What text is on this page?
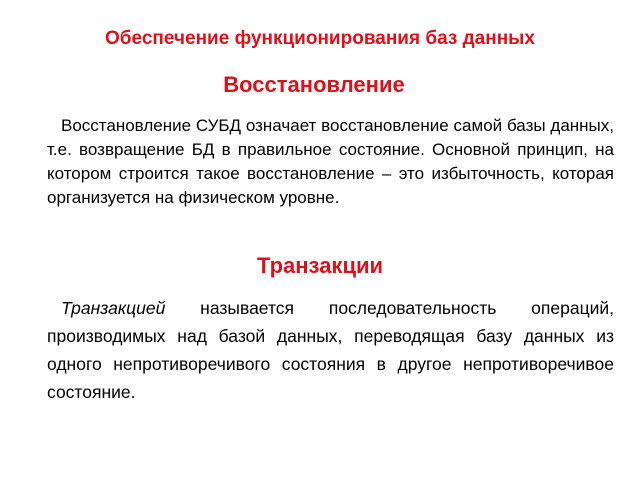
Обеспечение функционирования баз данных
Восстановление
Восстановление СУБД означает восстановление самой базы данных, т.е. возвращение БД в правильное состояние. Основной принцип, на котором строится такое восстановление – это избыточность, которая организуется на физическом уровне.
Транзакции
Транзакцией называется последовательность операций, производимых над базой данных, переводящая базу данных из одного непротиворечивого состояния в другое непротиворечивое состояние.
